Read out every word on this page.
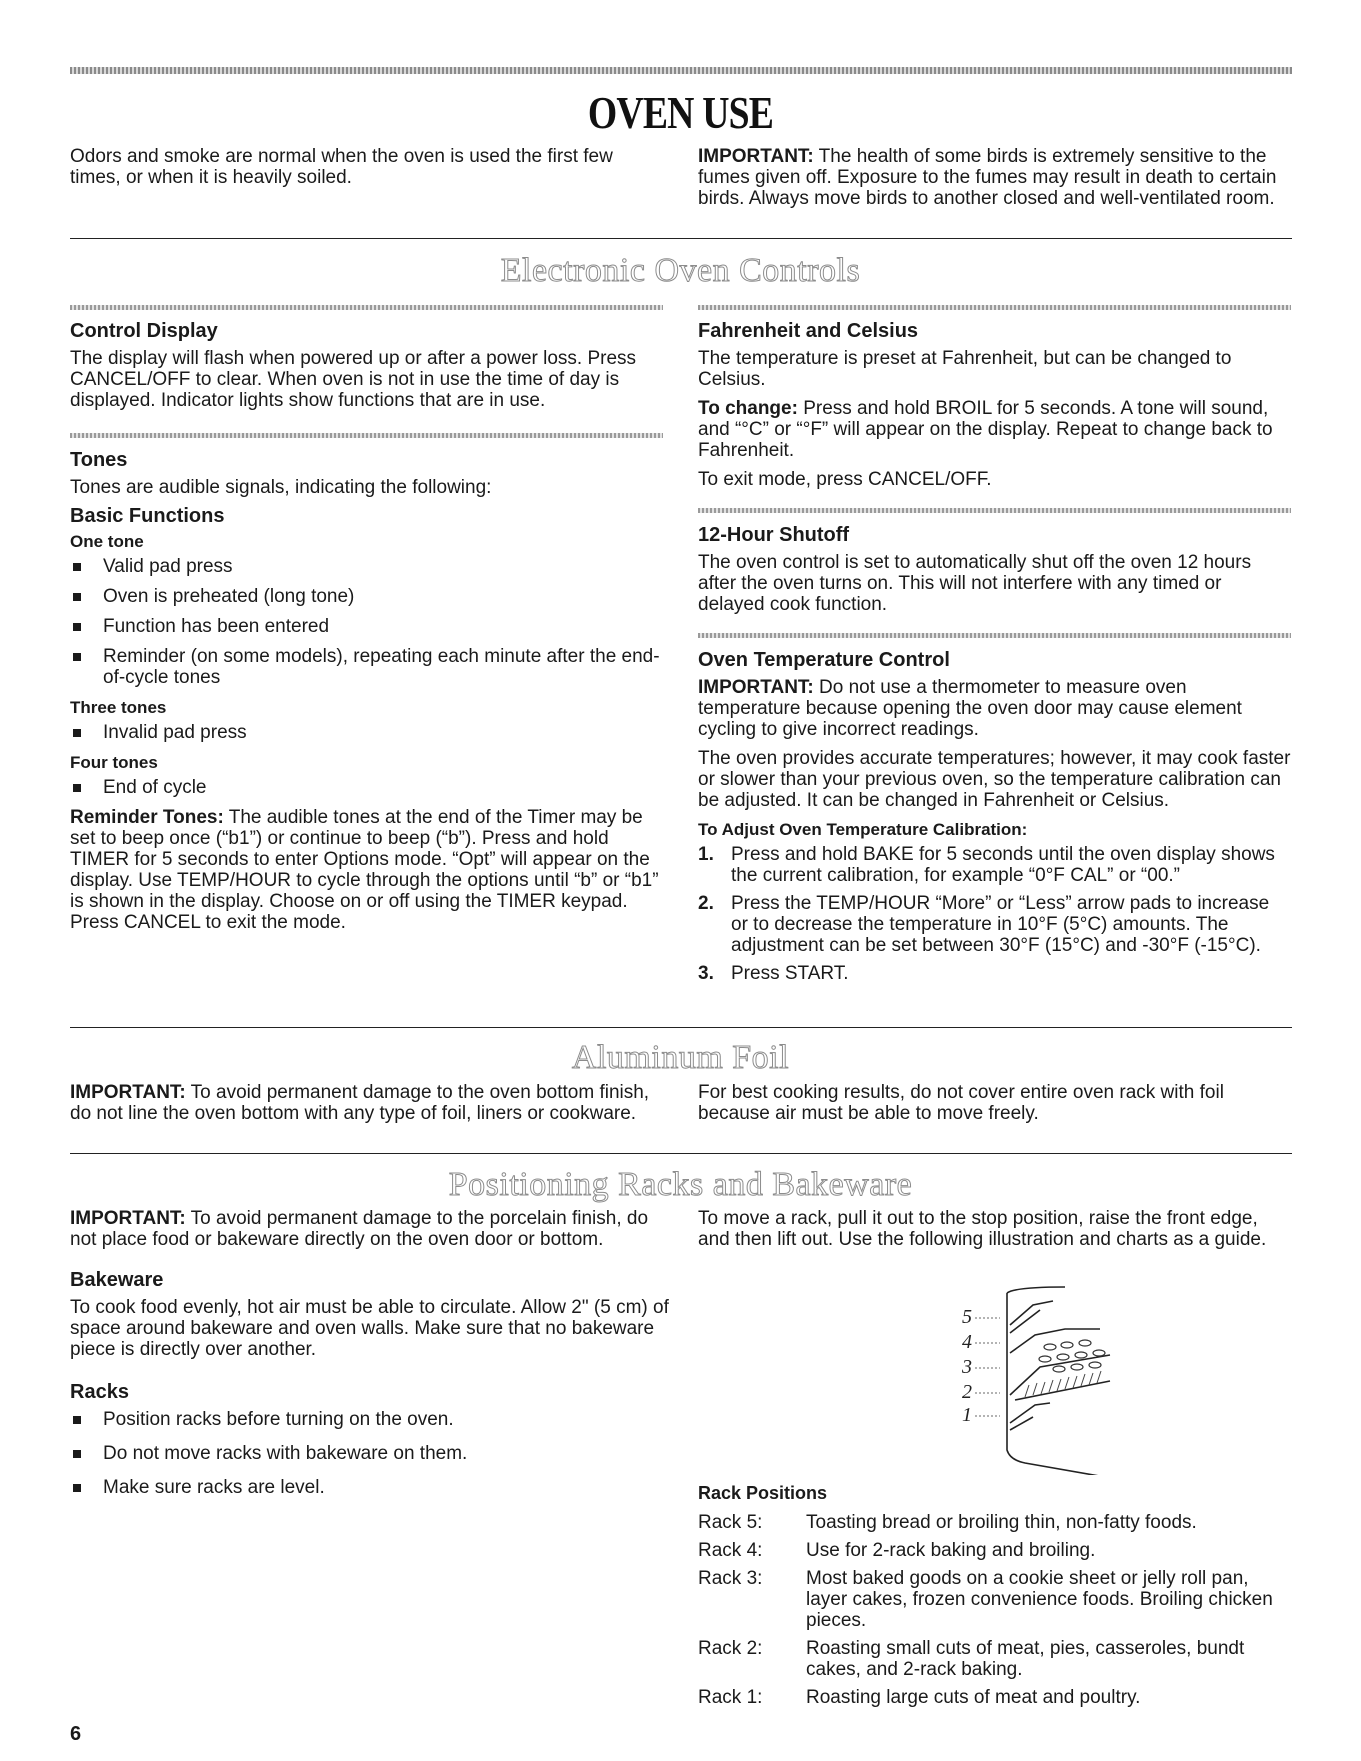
OVEN USE

Odors and smoke are normal when the oven is used the first few times, or when it is heavily soiled.

IMPORTANT: The health of some birds is extremely sensitive to the fumes given off. Exposure to the fumes may result in death to certain birds. Always move birds to another closed and well-ventilated room.

Electronic Oven Controls
Control Display

The display will flash when powered up or after a power loss. Press CANCEL/OFF to clear. When oven is not in use the time of day is displayed. Indicator lights show functions that are in use.

Tones

Tones are audible signals, indicating the following:

Basic Functions
One tone
Valid pad press
Oven is preheated (long tone)
Function has been entered
Reminder (on some models), repeating each minute after the end-of-cycle tones
Three tones
Invalid pad press
Four tones
End of cycle

Reminder Tones: The audible tones at the end of the Timer may be set to beep once (“b1”) or continue to beep (“b”). Press and hold TIMER for 5 seconds to enter Options mode. “Opt” will appear on the display. Use TEMP/HOUR to cycle through the options until “b” or “b1” is shown in the display. Choose on or off using the TIMER keypad. Press CANCEL to exit the mode.

Fahrenheit and Celsius

The temperature is preset at Fahrenheit, but can be changed to Celsius.

To change: Press and hold BROIL for 5 seconds. A tone will sound, and “°C” or “°F” will appear on the display. Repeat to change back to Fahrenheit.

To exit mode, press CANCEL/OFF.

12-Hour Shutoff

The oven control is set to automatically shut off the oven 12 hours after the oven turns on. This will not interfere with any timed or delayed cook function.

Oven Temperature Control

IMPORTANT: Do not use a thermometer to measure oven temperature because opening the oven door may cause element cycling to give incorrect readings.

The oven provides accurate temperatures; however, it may cook faster or slower than your previous oven, so the temperature calibration can be adjusted. It can be changed in Fahrenheit or Celsius.

To Adjust Oven Temperature Calibration:
1. Press and hold BAKE for 5 seconds until the oven display shows the current calibration, for example “0°F CAL” or “00.”
2. Press the TEMP/HOUR “More” or “Less” arrow pads to increase or to decrease the temperature in 10°F (5°C) amounts. The adjustment can be set between 30°F (15°C) and -30°F (-15°C).
3. Press START.
Aluminum Foil

IMPORTANT: To avoid permanent damage to the oven bottom finish, do not line the oven bottom with any type of foil, liners or cookware.

For best cooking results, do not cover entire oven rack with foil because air must be able to move freely.

Positioning Racks and Bakeware

IMPORTANT: To avoid permanent damage to the porcelain finish, do not place food or bakeware directly on the oven door or bottom.

Bakeware

To cook food evenly, hot air must be able to circulate. Allow 2" (5 cm) of space around bakeware and oven walls. Make sure that no bakeware piece is directly over another.

Racks
Position racks before turning on the oven.
Do not move racks with bakeware on them.
Make sure racks are level.

To move a rack, pull it out to the stop position, raise the front edge, and then lift out. Use the following illustration and charts as a guide.

5
4
3
2
1
Rack Positions
Rack 5: Toasting bread or broiling thin, non-fatty foods.
Rack 4: Use for 2-rack baking and broiling.
Rack 3: Most baked goods on a cookie sheet or jelly roll pan, layer cakes, frozen convenience foods. Broiling chicken pieces.
Rack 2: Roasting small cuts of meat, pies, casseroles, bundt cakes, and 2-rack baking.
Rack 1: Roasting large cuts of meat and poultry.
6
